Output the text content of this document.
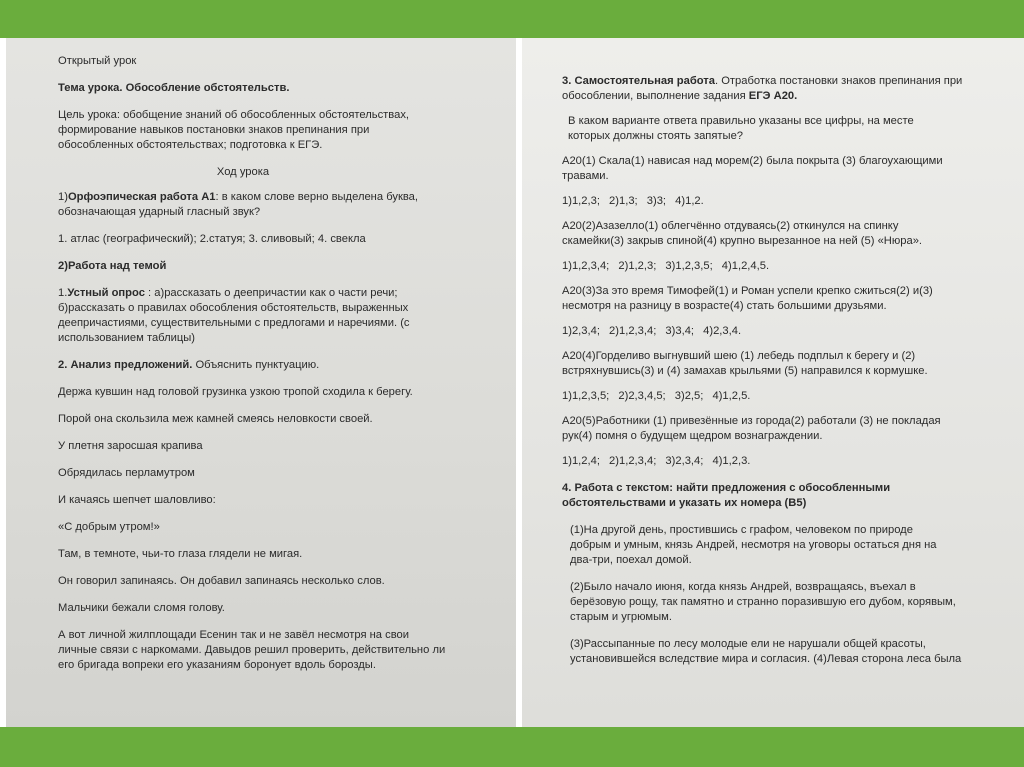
Открытый урок

Тема урока. Обособление обстоятельств.

Цель урока: обобщение знаний об обособленных обстоятельствах,
формирование навыков постановки знаков препинания при
обособленных обстоятельствах; подготовка к ЕГЭ.

Ход урока

1)Орфоэпическая работа А1: в каком слове верно выделена буква,
обозначающая ударный гласный звук?

1. атлас (географический); 2.статуя; 3. сливовый; 4. свекла

2)Работа над темой

1.Устный опрос : а)рассказать о деепричастии как о части речи;
б)рассказать о правилах обособления обстоятельств, выраженных
деепричастиями, существительными с предлогами и наречиями. (с
использованием таблицы)

2. Анализ предложений. Объяснить пунктуацию.

Держа кувшин над головой грузинка узкою тропой сходила к берегу.

Порой она скользила меж камней смеясь неловкости своей.

У плетня заросшая крапива

Обрядилась перламутром

И качаясь шепчет шаловливо:

«С добрым утром!»

Там, в темноте, чьи-то глаза глядели не мигая.

Он говорил запинаясь. Он добавил запинаясь несколько слов.

Мальчики бежали сломя голову.

А вот личной жилплощади Есенин так и не завёл несмотря на свои
личные связи с наркомами. Давыдов решил проверить, действительно ли
его бригада вопреки его указаниям боронует вдоль борозды.
3. Самостоятельная работа. Отработка постановки знаков препинания при
обособлении, выполнение задания ЕГЭ А20.
В каком варианте ответа правильно указаны все цифры, на месте
которых должны стоять запятые?
А20(1) Скала(1) нависая над морем(2) была покрыта (3) благоухающими
травами.

1)1,2,3; 2)1,3; 3)3; 4)1,2.

А20(2)Азазелло(1) облегчённо отдуваясь(2) откинулся на спинку
скамейки(3) закрыв спиной(4) крупно вырезанное на ней (5) «Нюра».

1)1,2,3,4; 2)1,2,3; 3)1,2,3,5; 4)1,2,4,5.

А20(3)За это время Тимофей(1) и Роман успели крепко сжиться(2) и(3)
несмотря на разницу в возрасте(4) стать большими друзьями.

1)2,3,4; 2)1,2,3,4; 3)3,4; 4)2,3,4.

А20(4)Горделиво выгнувший шею (1) лебедь подплыл к берегу и (2)
встряхнувшись(3) и (4) замахав крыльями (5) направился к кормушке.

1)1,2,3,5; 2)2,3,4,5; 3)2,5; 4)1,2,5.

А20(5)Работники (1) привезённые из города(2) работали (3) не покладая
рук(4) помня о будущем щедром вознаграждении.

1)1,2,4; 2)1,2,3,4; 3)2,3,4; 4)1,2,3.

4. Работа с текстом: найти предложения с обособленными
обстоятельствами и указать их номера (В5)
(1)На другой день, простившись с графом, человеком по природе
добрым и умным, князь Андрей, несмотря на уговоры остаться дня на
два-три, поехал домой.
(2)Было начало июня, когда князь Андрей, возвращаясь, въехал в
берёзовую рощу, так памятно и странно поразившую его дубом, корявым,
старым и угрюмым.
(3)Рассыпанные по лесу молодые ели не нарушали общей красоты,
установившейся вследствие мира и согласия. (4)Левая сторона леса была
